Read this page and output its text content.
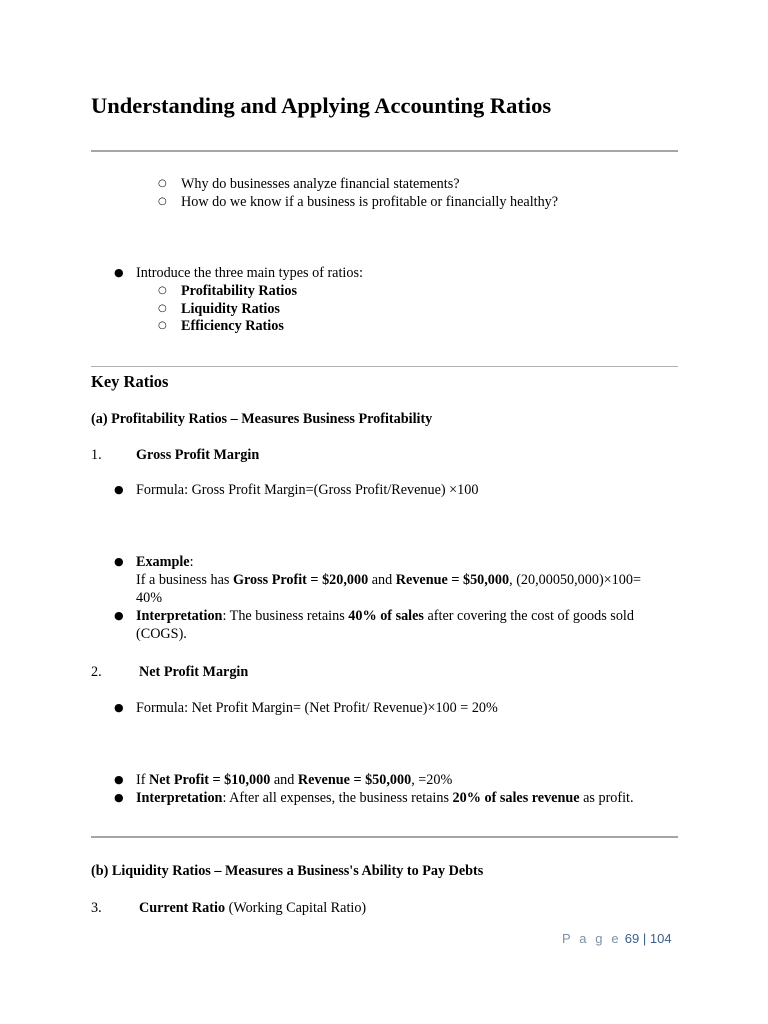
Understanding and Applying Accounting Ratios
○ Why do businesses analyze financial statements?
○ How do we know if a business is profitable or financially healthy?
● Introduce the three main types of ratios:
○ Profitability Ratios
○ Liquidity Ratios
○ Efficiency Ratios
Key Ratios
(a) Profitability Ratios – Measures Business Profitability
1. Gross Profit Margin
● Formula: Gross Profit Margin=(Gross Profit/Revenue) ×100
● Example:
If a business has Gross Profit = $20,000 and Revenue = $50,000, (20,00050,000)×100=
40%
● Interpretation: The business retains 40% of sales after covering the cost of goods sold
(COGS).
2.	Net Profit Margin
● Formula: Net Profit Margin= (Net Profit/ Revenue)×100 = 20%
● If Net Profit = $10,000 and Revenue = $50,000, =20%
● Interpretation: After all expenses, the business retains 20% of sales revenue as profit.
(b) Liquidity Ratios – Measures a Business's Ability to Pay Debts
3.	Current Ratio (Working Capital Ratio)
P a g e 69 | 104
